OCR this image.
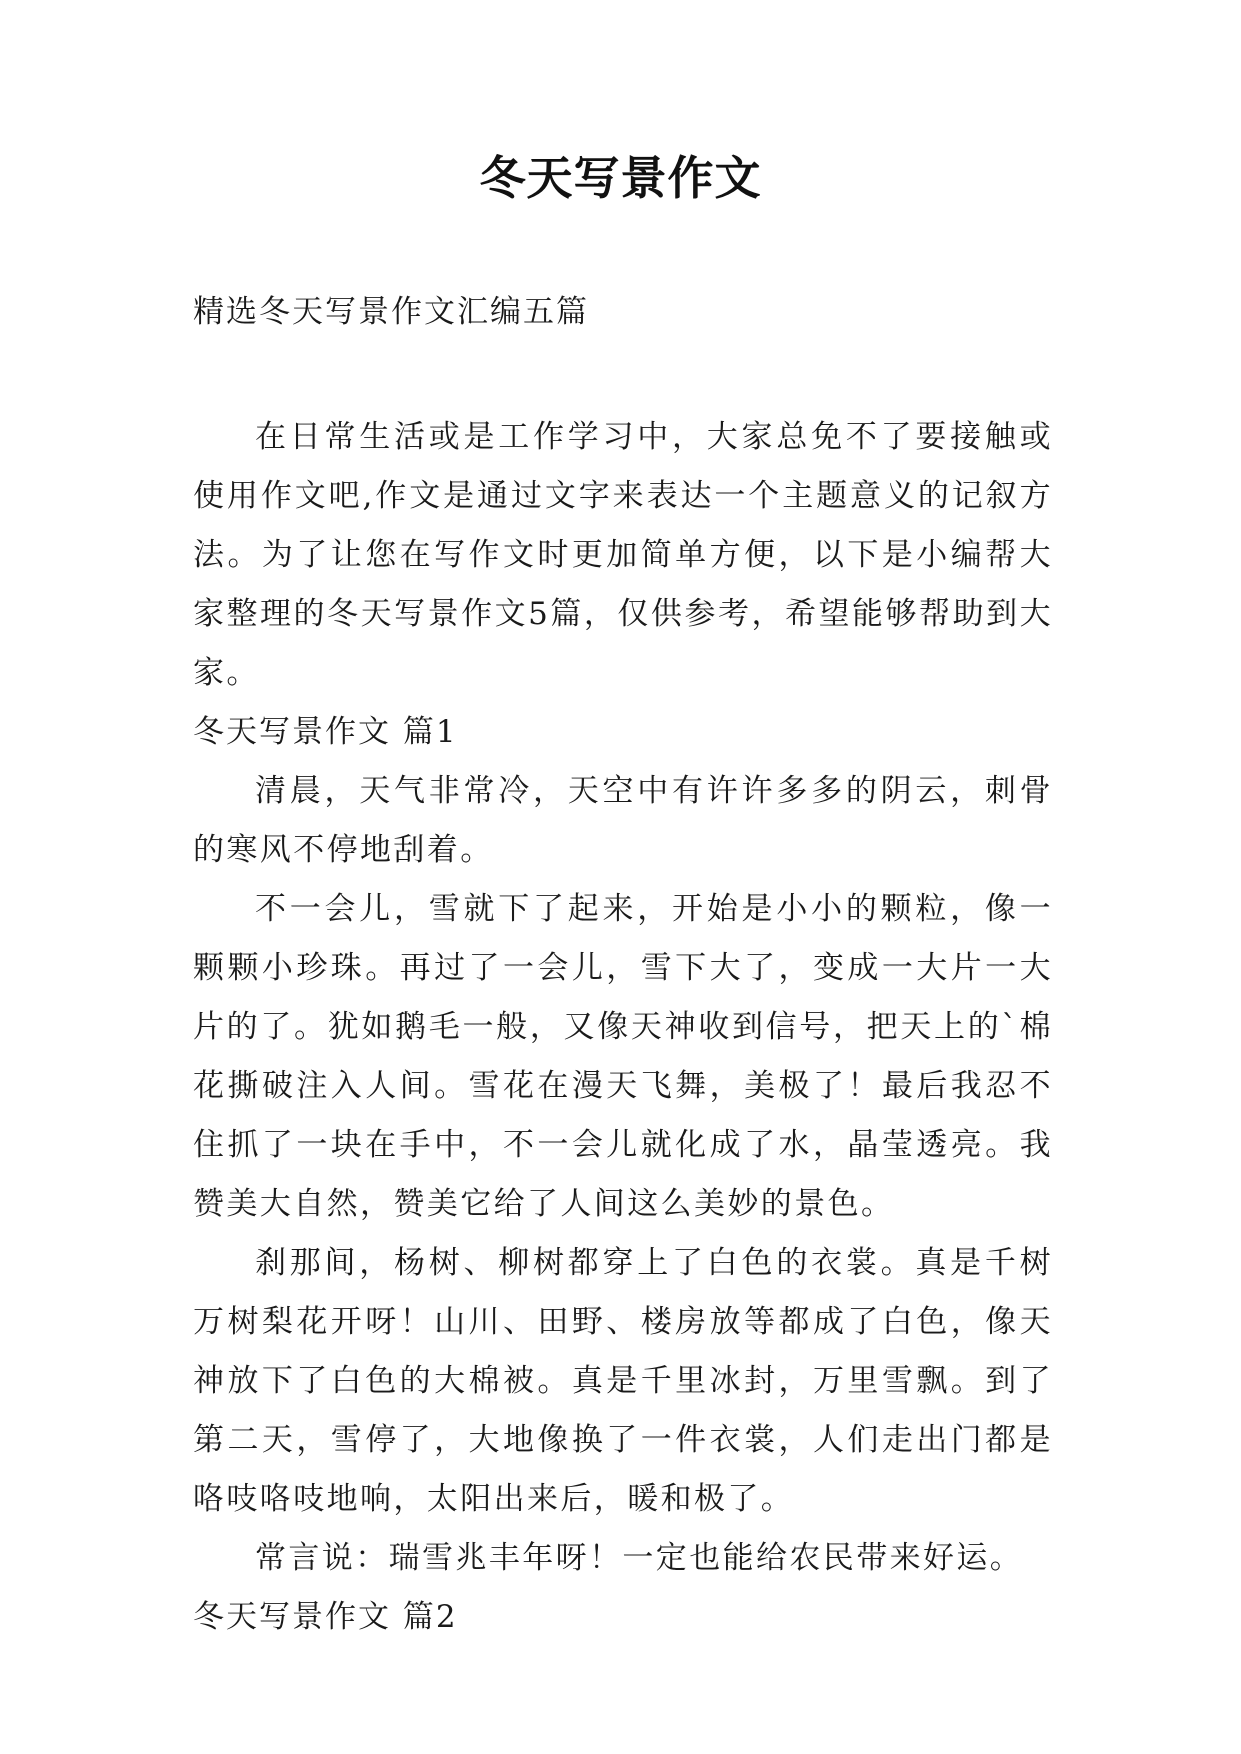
冬天写景作文
精选冬天写景作文汇编五篇

在日常生活或是工作学习中，大家总免不了要接触或使用作文吧,作文是通过文字来表达一个主题意义的记叙方法。为了让您在写作文时更加简单方便，以下是小编帮大家整理的冬天写景作文5篇，仅供参考，希望能够帮助到大家。

冬天写景作文 篇1

清晨，天气非常冷，天空中有许许多多的阴云，刺骨的寒风不停地刮着。

不一会儿，雪就下了起来，开始是小小的颗粒，像一颗颗小珍珠。再过了一会儿，雪下大了，变成一大片一大片的了。犹如鹅毛一般，又像天神收到信号，把天上的`棉花撕破注入人间。雪花在漫天飞舞，美极了！最后我忍不住抓了一块在手中，不一会儿就化成了水，晶莹透亮。我赞美大自然，赞美它给了人间这么美妙的景色。

刹那间，杨树、柳树都穿上了白色的衣裳。真是千树万树梨花开呀！山川、田野、楼房放等都成了白色，像天神放下了白色的大棉被。真是千里冰封，万里雪飘。到了第二天，雪停了，大地像换了一件衣裳，人们走出门都是咯吱咯吱地响，太阳出来后，暖和极了。

常言说：瑞雪兆丰年呀！一定也能给农民带来好运。

冬天写景作文 篇2
